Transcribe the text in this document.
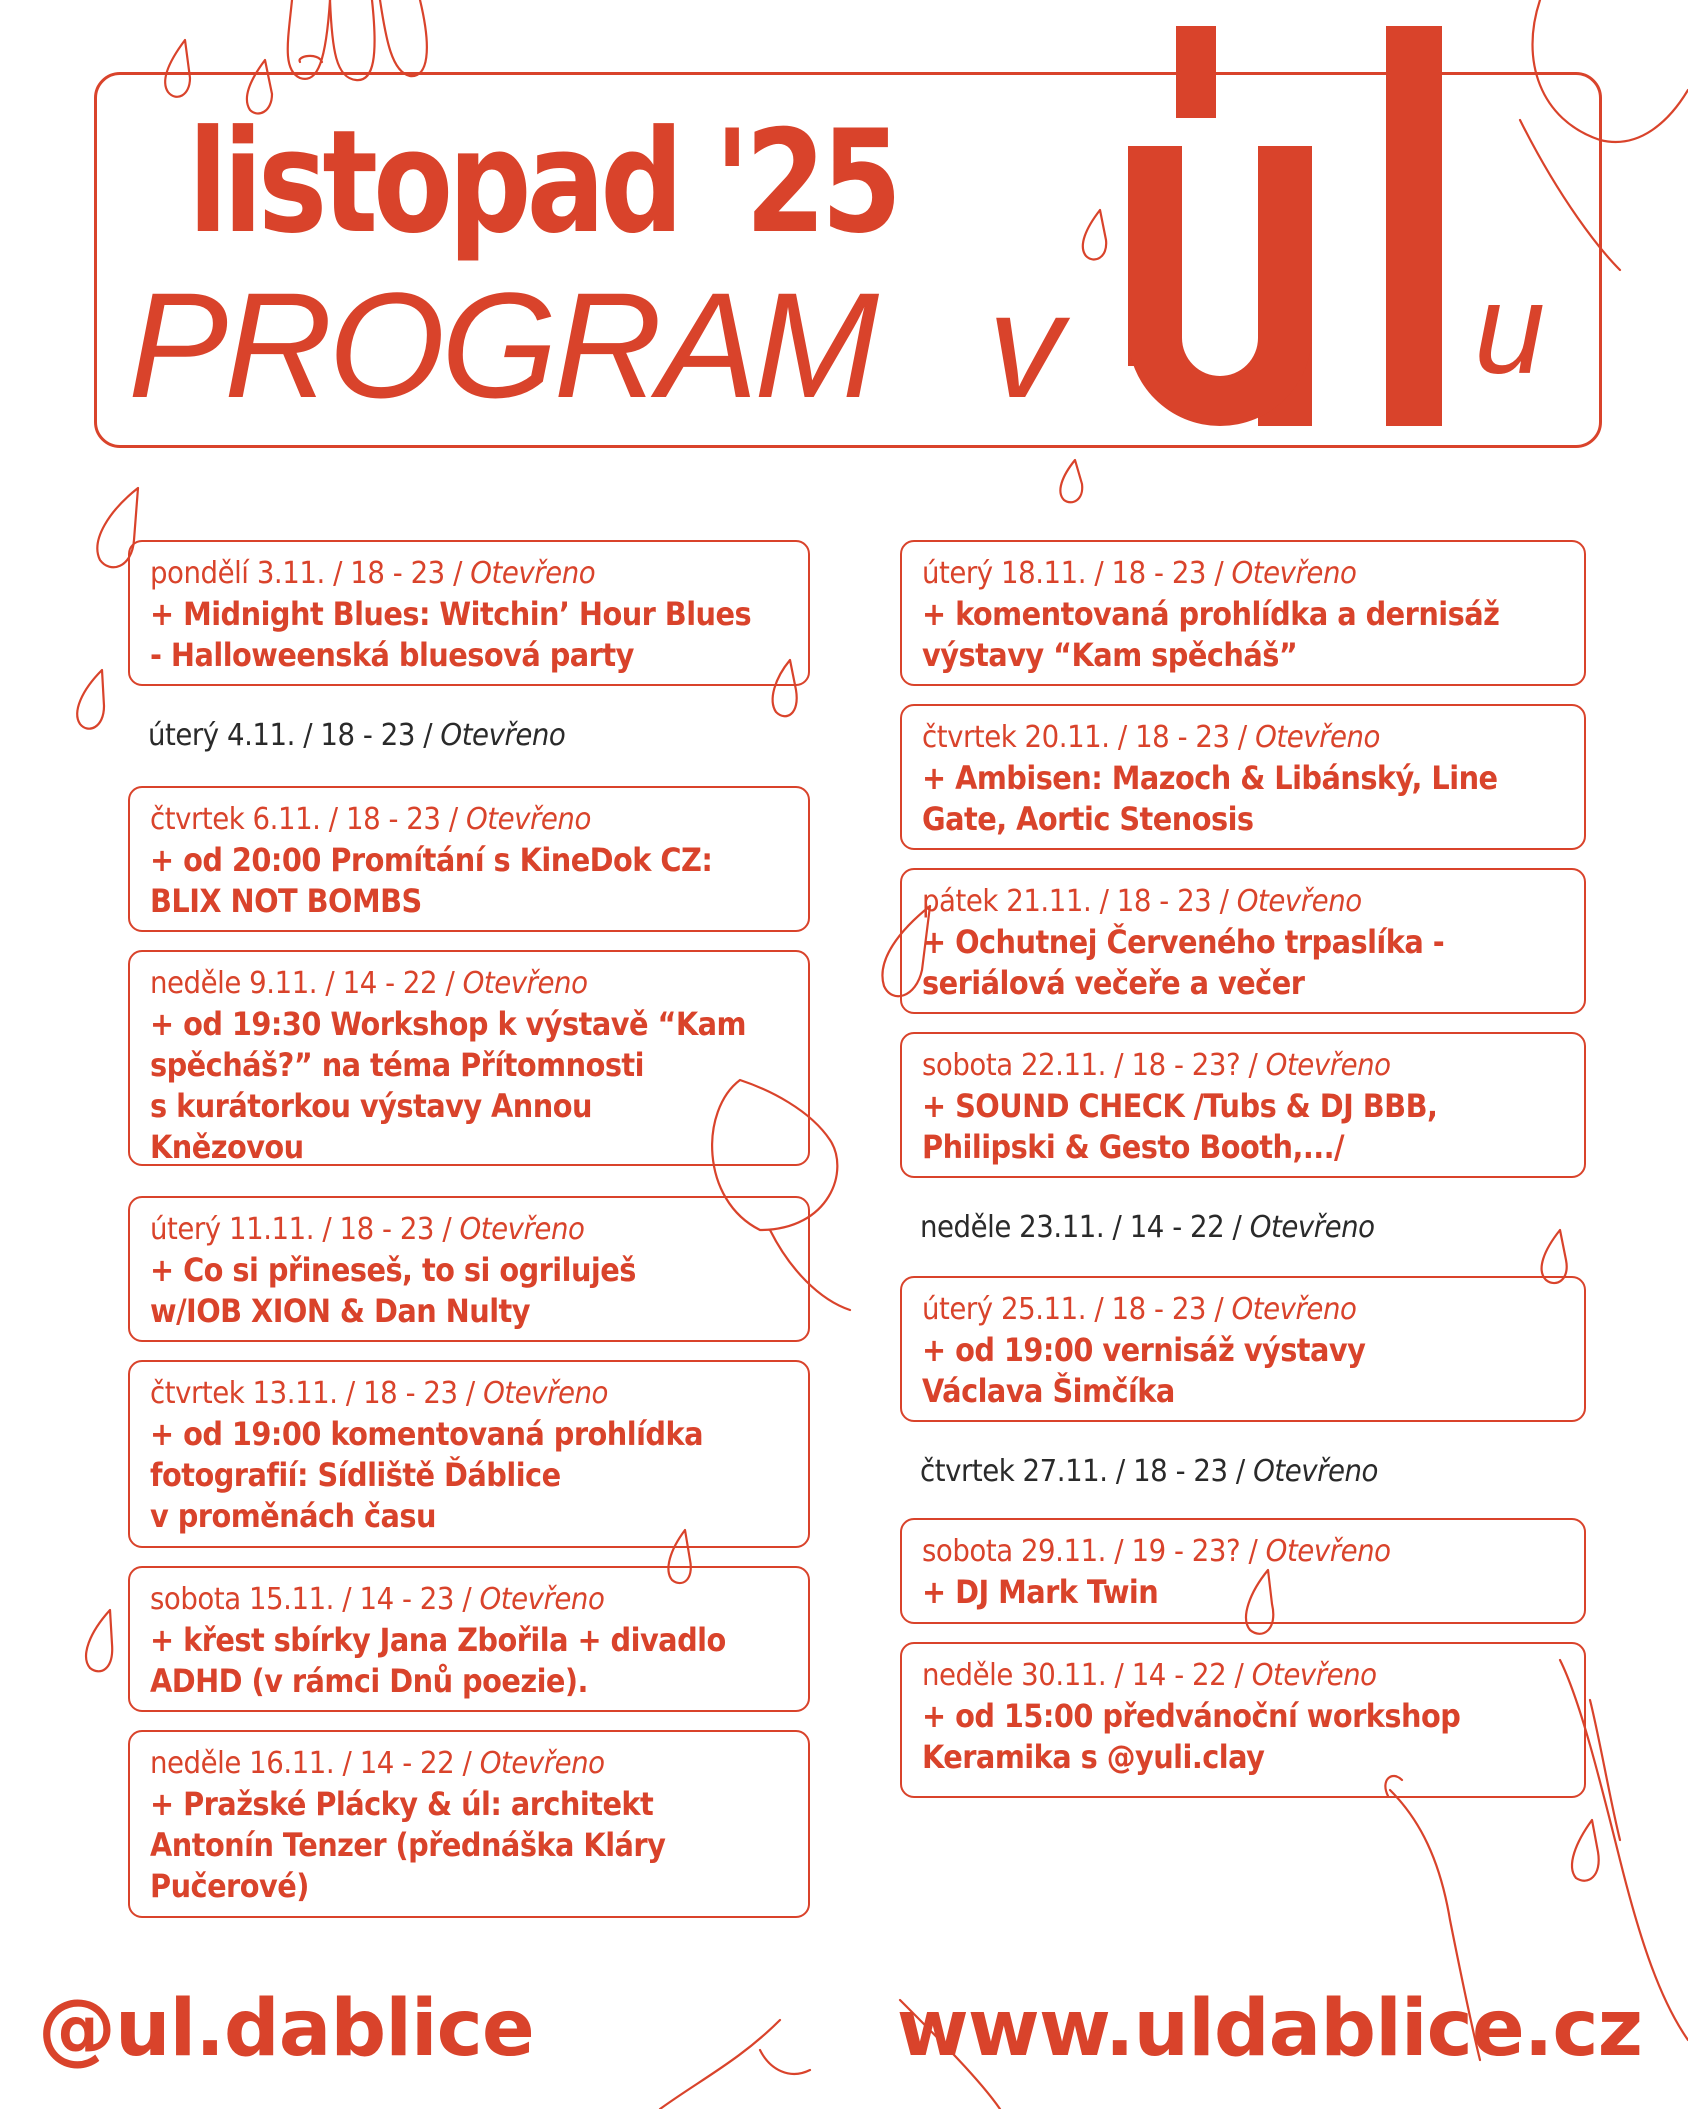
listopad '25
PROGRAM v	u
pondělí 3.11. / 18 - 23 / Otevřeno
+ Midnight Blues: Witchin’ Hour Blues
- Halloweenská bluesová party
úterý 4.11. / 18 - 23 / Otevřeno
čtvrtek 6.11. / 18 - 23 / Otevřeno
+ od 20:00 Promítání s KineDok CZ:
BLIX NOT BOMBS
neděle 9.11. / 14 - 22 / Otevřeno
+ od 19:30 Workshop k výstavě “Kam
spěcháš?” na téma Přítomnosti
s kurátorkou výstavy Annou
Knězovou
úterý 11.11. / 18 - 23 / Otevřeno
+ Co si přineseš, to si ogriluješ
w/IOB XION & Dan Nulty
čtvrtek 13.11. / 18 - 23 / Otevřeno
+ od 19:00 komentovaná prohlídka
fotografií: Sídliště Ďáblice
v proměnách času
sobota 15.11. / 14 - 23 / Otevřeno
+ křest sbírky Jana Zbořila + divadlo
ADHD (v rámci Dnů poezie).
neděle 16.11. / 14 - 22 / Otevřeno
+ Pražské Plácky & úl: architekt
Antonín Tenzer (přednáška Kláry
Pučerové)
úterý 18.11. / 18 - 23 / Otevřeno
+ komentovaná prohlídka a dernisáž
výstavy “Kam spěcháš”
čtvrtek 20.11. / 18 - 23 / Otevřeno
+ Ambisen: Mazoch & Libánský, Line
Gate, Aortic Stenosis
pátek 21.11. / 18 - 23 / Otevřeno
+ Ochutnej Červeného trpaslíka -
seriálová večeře a večer
sobota 22.11. / 18 - 23? / Otevřeno
+ SOUND CHECK /Tubs & DJ BBB,
Philipski & Gesto Booth,.../
neděle 23.11. / 14 - 22 / Otevřeno
úterý 25.11. / 18 - 23 / Otevřeno
+ od 19:00 vernisáž výstavy
Václava Šimčíka
čtvrtek 27.11. / 18 - 23 / Otevřeno
sobota 29.11. / 19 - 23? / Otevřeno
+ DJ Mark Twin
neděle 30.11. / 14 - 22 / Otevřeno
+ od 15:00 předvánoční workshop
Keramika s @yuli.clay
@ul.dablice	www.uldablice.cz
